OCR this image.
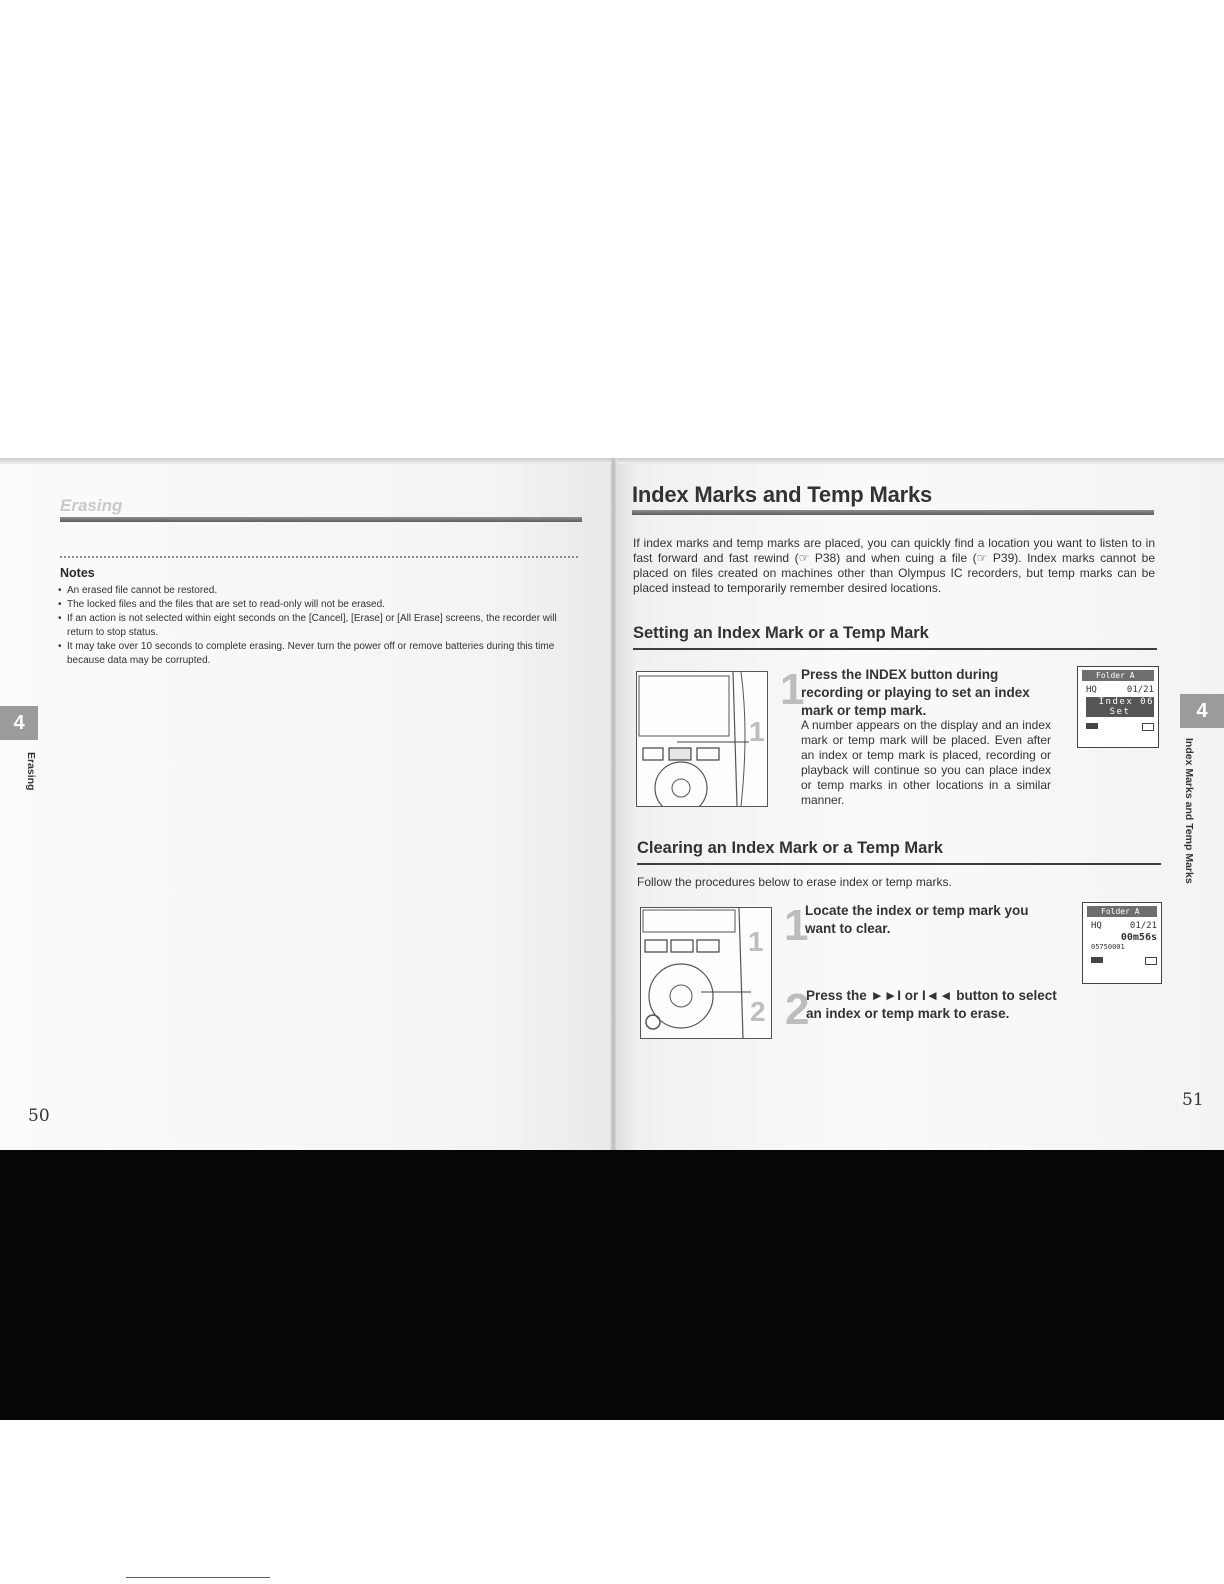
Erasing
Notes
• An erased file cannot be restored.
• The locked files and the files that are set to read-only will not be erased.
• If an action is not selected within eight seconds on the [Cancel], [Erase] or [All Erase] screens, the recorder will return to stop status.
• It may take over 10 seconds to complete erasing. Never turn the power off or remove batteries during this time because data may be corrupted.
4
Erasing
50
Index Marks and Temp Marks
If index marks and temp marks are placed, you can quickly find a location you want to listen to in fast forward and fast rewind (☞ P38) and when cuing a file (☞ P39). Index marks cannot be placed on files created on machines other than Olympus IC recorders, but temp marks can be placed instead to temporarily remember desired locations.
Setting an Index Mark or a Temp Mark
1
1
Press the INDEX button during recording or playing to set an index mark or temp mark.
A number appears on the display and an index mark or temp mark will be placed. Even after an index or temp mark is placed, recording or playback will continue so you can place index or temp marks in other locations in a similar manner.
Folder A
HQ	01/21
Index 06
Set
Clearing an Index Mark or a Temp Mark
Follow the procedures below to erase index or temp marks.
1
2
1
Locate the index or temp mark you want to clear.
2
Press the ►►I or I◄◄ button to select an index or temp mark to erase.
Folder A
HQ	01/21
00m56s
05750001
4
Index Marks and Temp Marks
51
